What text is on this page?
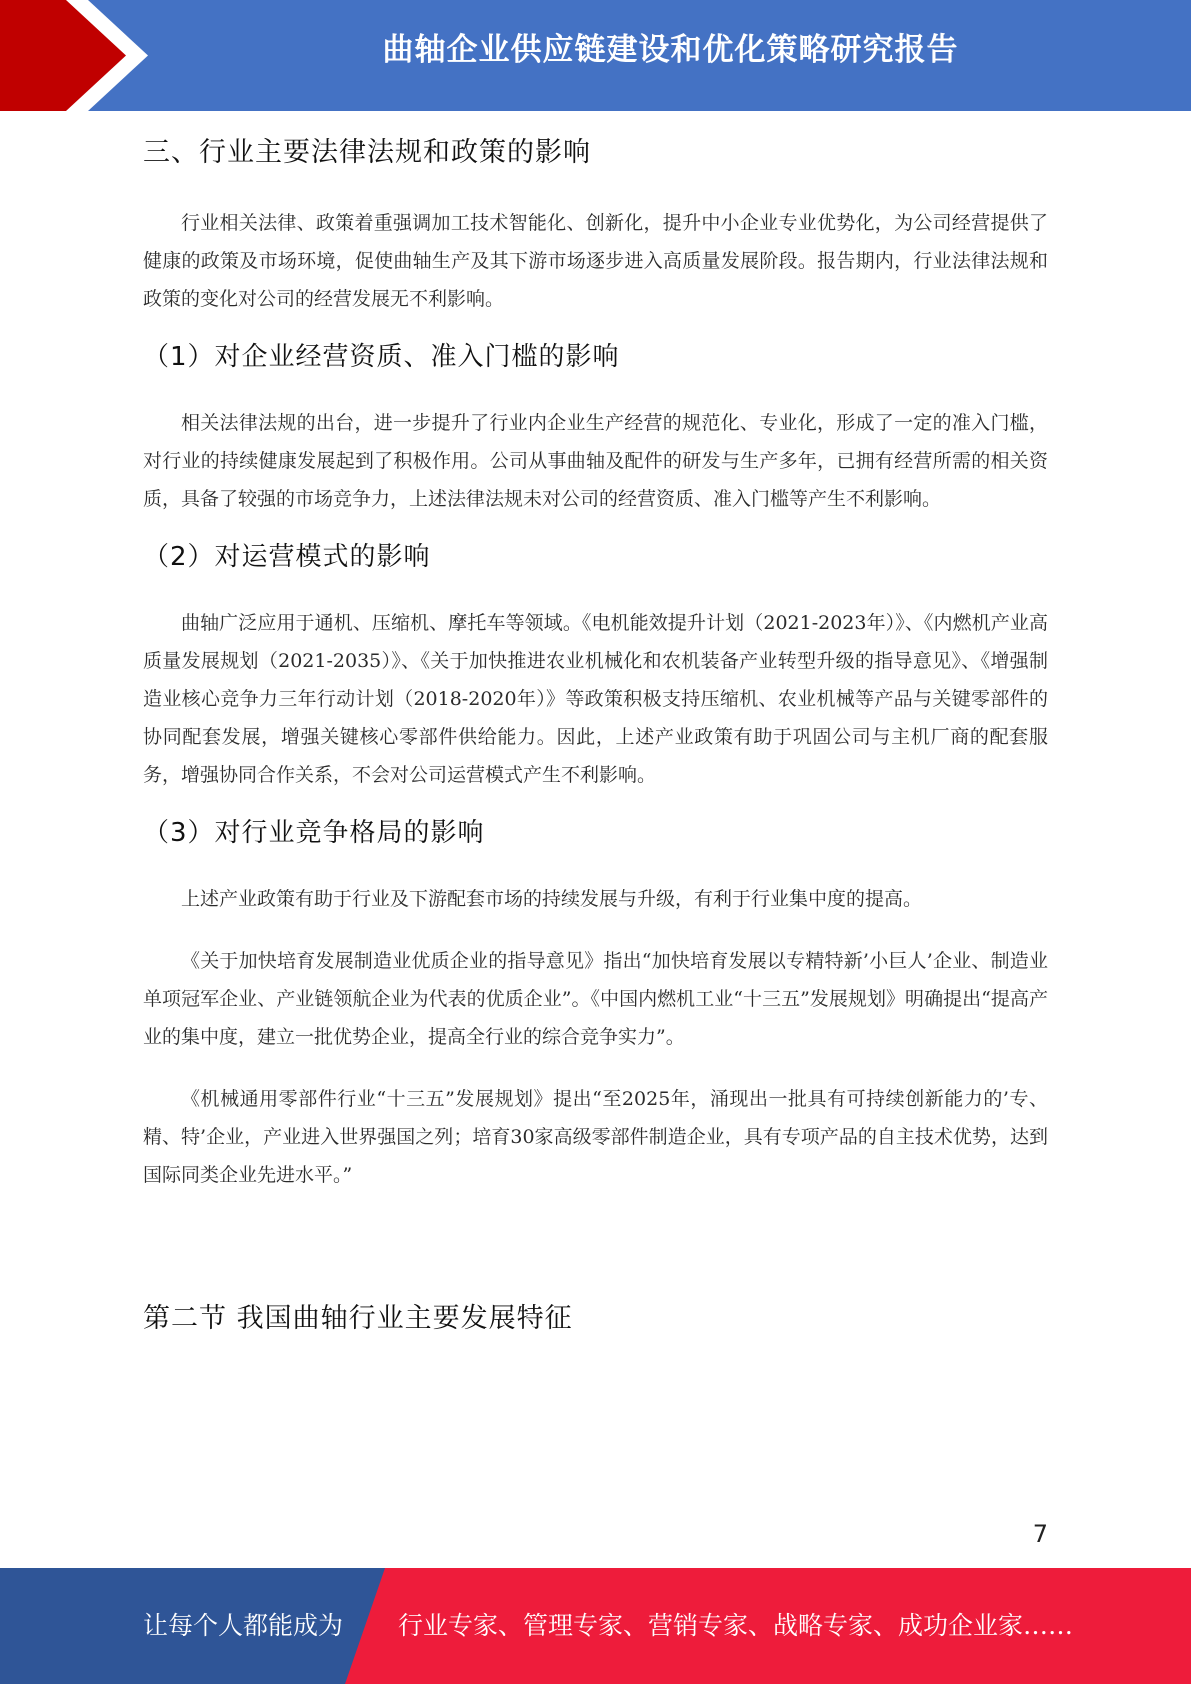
曲轴企业供应链建设和优化策略研究报告
三、行业主要法律法规和政策的影响

行业相关法律、政策着重强调加工技术智能化、创新化，提升中小企业专业优势化，为公司经营提供了健康的政策及市场环境，促使曲轴生产及其下游市场逐步进入高质量发展阶段。报告期内，行业法律法规和政策的变化对公司的经营发展无不利影响。

（1）对企业经营资质、准入门槛的影响

相关法律法规的出台，进一步提升了行业内企业生产经营的规范化、专业化，形成了一定的准入门槛，对行业的持续健康发展起到了积极作用。公司从事曲轴及配件的研发与生产多年，已拥有经营所需的相关资质，具备了较强的市场竞争力，上述法律法规未对公司的经营资质、准入门槛等产生不利影响。

（2）对运营模式的影响

曲轴广泛应用于通机、压缩机、摩托车等领域。《电机能效提升计划（2021-2023年）》、《内燃机产业高质量发展规划（2021-2035）》、《关于加快推进农业机械化和农机装备产业转型升级的指导意见》、《增强制造业核心竞争力三年行动计划（2018-2020年）》等政策积极支持压缩机、农业机械等产品与关键零部件的协同配套发展，增强关键核心零部件供给能力。因此，上述产业政策有助于巩固公司与主机厂商的配套服务，增强协同合作关系，不会对公司运营模式产生不利影响。

（3）对行业竞争格局的影响

上述产业政策有助于行业及下游配套市场的持续发展与升级，有利于行业集中度的提高。

《关于加快培育发展制造业优质企业的指导意见》指出“加快培育发展以专精特新’小巨人’企业、制造业单项冠军企业、产业链领航企业为代表的优质企业”。《中国内燃机工业“十三五”发展规划》明确提出“提高产业的集中度，建立一批优势企业，提高全行业的综合竞争实力”。

《机械通用零部件行业“十三五”发展规划》提出“至2025年，涌现出一批具有可持续创新能力的’专、精、特’企业，产业进入世界强国之列；培育30家高级零部件制造企业，具有专项产品的自主技术优势，达到国际同类企业先进水平。”

第二节 我国曲轴行业主要发展特征
7
让每个人都能成为 行业专家、管理专家、营销专家、战略专家、成功企业家……
